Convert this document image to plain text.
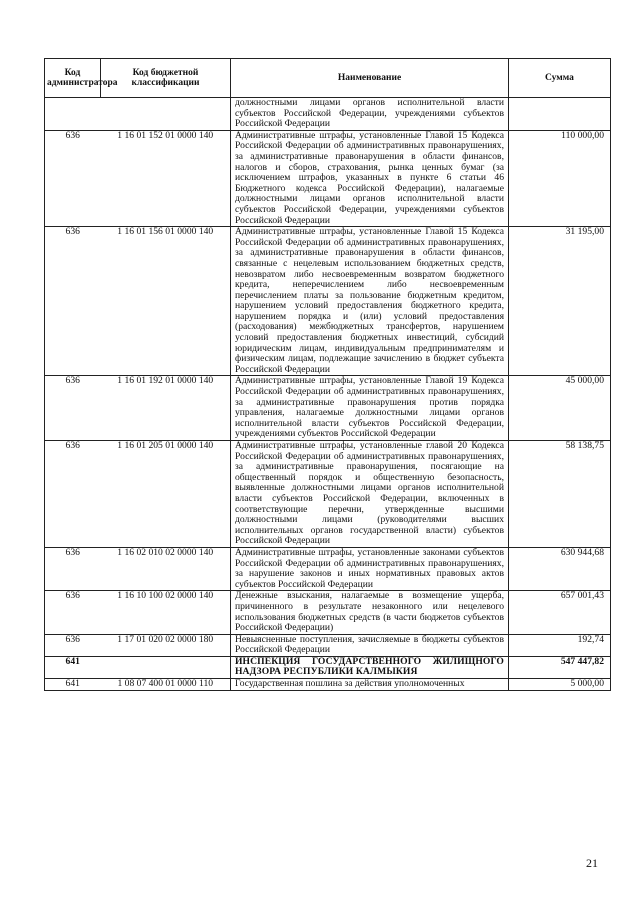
Код администратора	Код бюджетной классификации	Наименование	Сумма
		должностными лицами органов исполнительной власти субъектов Российской Федерации, учреждениями субъектов Российской Федерации	
636	1 16 01 152 01 0000 140	Административные штрафы, установленные Главой 15 Кодекса Российской Федерации об административных правонарушениях, за административные правонарушения в области финансов, налогов и сборов, страхования, рынка ценных бумаг (за исключением штрафов, указанных в пункте 6 статьи 46 Бюджетного кодекса Российской Федерации), налагаемые должностными лицами органов исполнительной власти субъектов Российской Федерации, учреждениями субъектов Российской Федерации	110 000,00
636	1 16 01 156 01 0000 140	Административные штрафы, установленные Главой 15 Кодекса Российской Федерации об административных правонарушениях, за административные правонарушения в области финансов, связанные с нецелевым использованием бюджетных средств, невозвратом либо несвоевременным возвратом бюджетного кредита, неперечислением либо несвоевременным перечислением платы за пользование бюджетным кредитом, нарушением условий предоставления бюджетного кредита, нарушением порядка и (или) условий предоставления (расходования) межбюджетных трансфертов, нарушением условий предоставления бюджетных инвестиций, субсидий юридическим лицам, индивидуальным предпринимателям и физическим лицам, подлежащие зачислению в бюджет субъекта Российской Федерации	31 195,00
636	1 16 01 192 01 0000 140	Административные штрафы, установленные Главой 19 Кодекса Российской Федерации об административных правонарушениях, за административные правонарушения против порядка управления, налагаемые должностными лицами органов исполнительной власти субъектов Российской Федерации, учреждениями субъектов Российской Федерации	45 000,00
636	1 16 01 205 01 0000 140	Административные штрафы, установленные главой 20 Кодекса Российской Федерации об административных правонарушениях, за административные правонарушения, посягающие на общественный порядок и общественную безопасность, выявленные должностными лицами органов исполнительной власти субъектов Российской Федерации, включенных в соответствующие перечни, утвержденные высшими должностными лицами (руководителями высших исполнительных органов государственной власти) субъектов Российской Федерации	58 138,75
636	1 16 02 010 02 0000 140	Административные штрафы, установленные законами субъектов Российской Федерации об административных правонарушениях, за нарушение законов и иных нормативных правовых актов субъектов Российской Федерации	630 944,68
636	1 16 10 100 02 0000 140	Денежные взыскания, налагаемые в возмещение ущерба, причиненного в результате незаконного или нецелевого использования бюджетных средств (в части бюджетов субъектов Российской Федерации)	657 001,43
636	1 17 01 020 02 0000 180	Невыясненные поступления, зачисляемые в бюджеты субъектов Российской Федерации	192,74
641		ИНСПЕКЦИЯ ГОСУДАРСТВЕННОГО ЖИЛИЩНОГО НАДЗОРА РЕСПУБЛИКИ КАЛМЫКИЯ	547 447,82
641	1 08 07 400 01 0000 110	Государственная пошлина за действия уполномоченных	5 000,00
21
